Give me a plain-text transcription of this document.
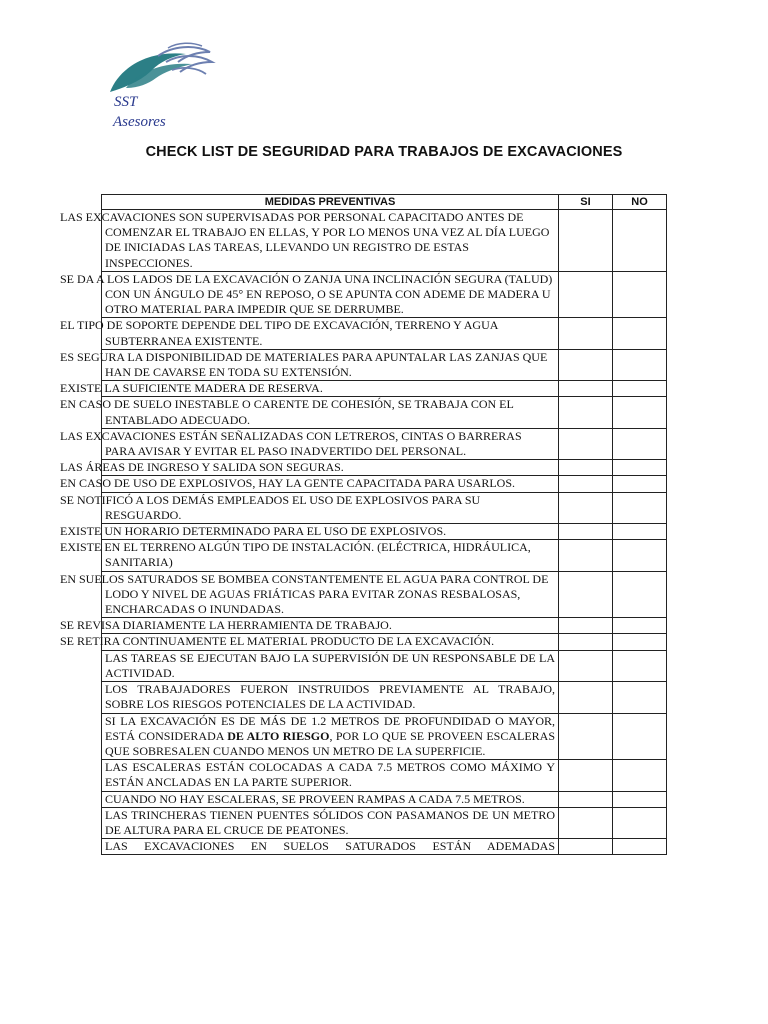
SST
Asesores
CHECK LIST DE SEGURIDAD PARA TRABAJOS DE EXCAVACIONES
MEDIDAS PREVENTIVAS	SI	NO
LAS EXCAVACIONES SON SUPERVISADAS POR PERSONAL CAPACITADO ANTES DE COMENZAR EL TRABAJO EN ELLAS, Y POR LO MENOS UNA VEZ AL DÍA LUEGO DE INICIADAS LAS TAREAS, LLEVANDO UN REGISTRO DE ESTAS INSPECCIONES.		
SE DA A LOS LADOS DE LA EXCAVACIÓN O ZANJA UNA INCLINACIÓN SEGURA (TALUD) CON UN ÁNGULO DE 45° EN REPOSO, O SE APUNTA CON ADEME DE MADERA U OTRO MATERIAL PARA IMPEDIR QUE SE DERRUMBE.		
EL TIPO DE SOPORTE DEPENDE DEL TIPO DE EXCAVACIÓN, TERRENO Y AGUA SUBTERRANEA EXISTENTE.		
ES SEGURA LA DISPONIBILIDAD DE MATERIALES PARA APUNTALAR LAS ZANJAS QUE HAN DE CAVARSE EN TODA SU EXTENSIÓN.		
EXISTE LA SUFICIENTE MADERA DE RESERVA.		
EN CASO DE SUELO INESTABLE O CARENTE DE COHESIÓN, SE TRABAJA CON EL ENTABLADO ADECUADO.		
LAS EXCAVACIONES ESTÁN SEÑALIZADAS CON LETREROS, CINTAS O BARRERAS PARA AVISAR Y EVITAR EL PASO INADVERTIDO DEL PERSONAL.		
LAS ÁREAS DE INGRESO Y SALIDA SON SEGURAS.		
EN CASO DE USO DE EXPLOSIVOS, HAY LA GENTE CAPACITADA PARA USARLOS.		
SE NOTIFICÓ A LOS DEMÁS EMPLEADOS EL USO DE EXPLOSIVOS PARA SU RESGUARDO.		
EXISTE UN HORARIO DETERMINADO PARA EL USO DE EXPLOSIVOS.		
EXISTE EN EL TERRENO ALGÚN TIPO DE INSTALACIÓN. (ELÉCTRICA, HIDRÁULICA, SANITARIA)		
EN SUELOS SATURADOS SE BOMBEA CONSTANTEMENTE EL AGUA PARA CONTROL DE LODO Y NIVEL DE AGUAS FRIÁTICAS PARA EVITAR ZONAS RESBALOSAS, ENCHARCADAS O INUNDADAS.		
SE REVISA DIARIAMENTE LA HERRAMIENTA DE TRABAJO.		
SE RETIRA CONTINUAMENTE EL MATERIAL PRODUCTO DE LA EXCAVACIÓN.		
LAS TAREAS SE EJECUTAN BAJO LA SUPERVISIÓN DE UN RESPONSABLE DE LA ACTIVIDAD.		
LOS TRABAJADORES FUERON INSTRUIDOS PREVIAMENTE AL TRABAJO, SOBRE LOS RIESGOS POTENCIALES DE LA ACTIVIDAD.		
SI LA EXCAVACIÓN ES DE MÁS DE 1.2 METROS DE PROFUNDIDAD O MAYOR, ESTÁ CONSIDERADA DE ALTO RIESGO, POR LO QUE SE PROVEEN ESCALERAS QUE SOBRESALEN CUANDO MENOS UN METRO DE LA SUPERFICIE.		
LAS ESCALERAS ESTÁN COLOCADAS A CADA 7.5 METROS COMO MÁXIMO Y ESTÁN ANCLADAS EN LA PARTE SUPERIOR.		
CUANDO NO HAY ESCALERAS, SE PROVEEN RAMPAS A CADA 7.5 METROS.		
LAS TRINCHERAS TIENEN PUENTES SÓLIDOS CON PASAMANOS DE UN METRO DE ALTURA PARA EL CRUCE DE PEATONES.		

LAS EXCAVACIONES EN SUELOS SATURADOS ESTÁN ADEMADAS		
